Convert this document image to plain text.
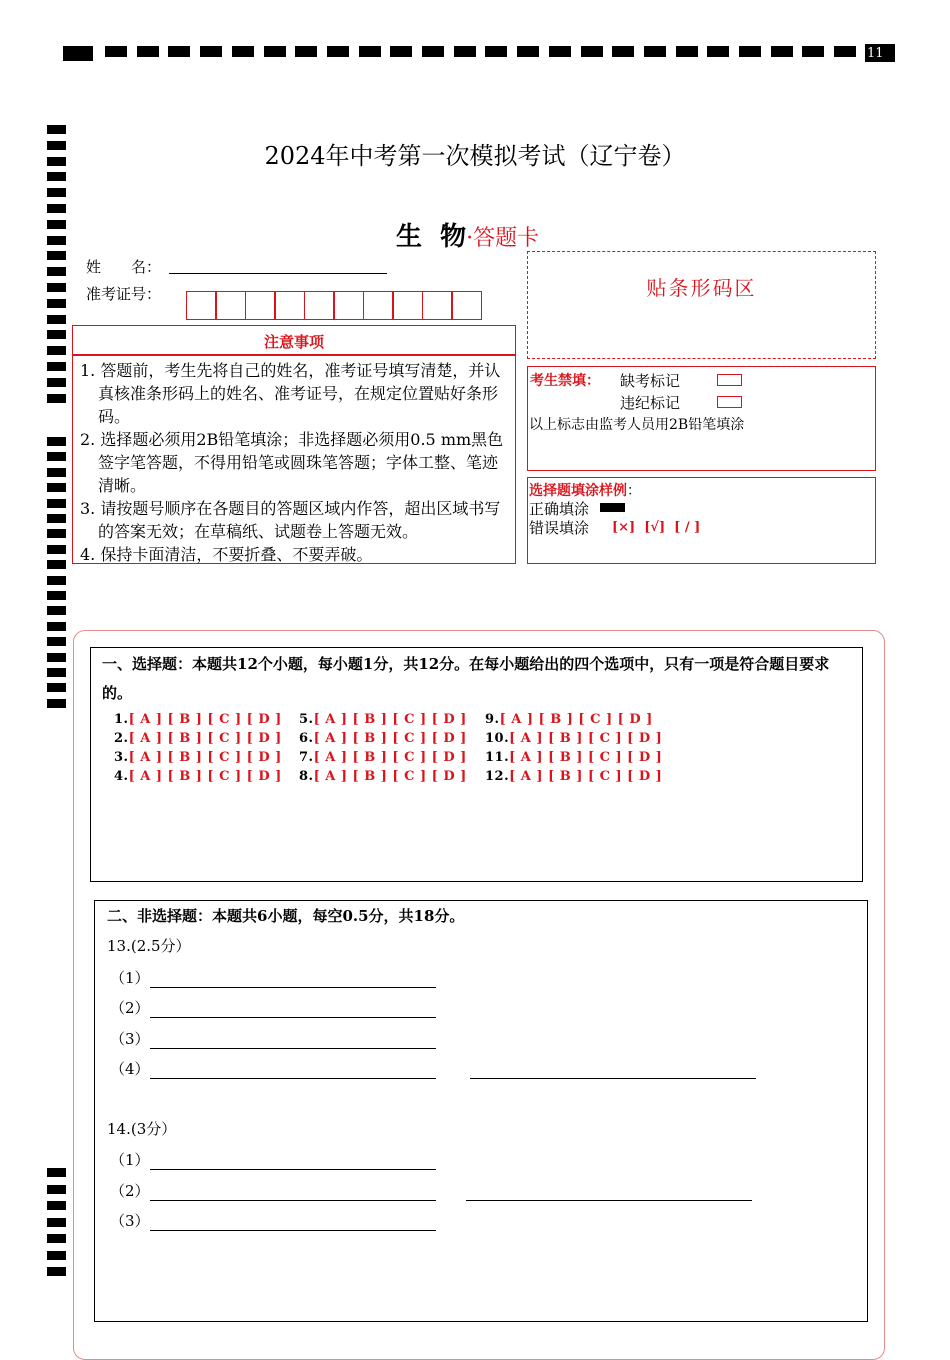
11
2024年中考第一次模拟考试（辽宁卷）
生  物·答题卡
姓　　名：
准考证号：
注意事项
1. 答题前，考生先将自己的姓名，准考证号填写清楚，并认真核准条形码上的姓名、准考证号，在规定位置贴好条形码。
2. 选择题必须用2B铅笔填涂；非选择题必须用0.5 mm黑色签字笔答题，不得用铅笔或圆珠笔答题；字体工整、笔迹清晰。
3. 请按题号顺序在各题目的答题区域内作答，超出区域书写的答案无效；在草稿纸、试题卷上答题无效。
4. 保持卡面清洁，不要折叠、不要弄破。
贴条形码区
考生禁填： 缺考标记
违纪标记
以上标志由监考人员用2B铅笔填涂
选择题填涂样例：
正确填涂
错误填涂 [×]  [√]  [ / ]
一、选择题：本题共12个小题，每小题1分，共12分。在每小题给出的四个选项中，只有一项是符合题目要求的。
1.[ A ] [ B ] [ C ] [ D ]
2.[ A ] [ B ] [ C ] [ D ]
3.[ A ] [ B ] [ C ] [ D ]
4.[ A ] [ B ] [ C ] [ D ]
5.[ A ] [ B ] [ C ] [ D ]
6.[ A ] [ B ] [ C ] [ D ]
7.[ A ] [ B ] [ C ] [ D ]
8.[ A ] [ B ] [ C ] [ D ]
9.[ A ] [ B ] [ C ] [ D ]
10.[ A ] [ B ] [ C ] [ D ]
11.[ A ] [ B ] [ C ] [ D ]
12.[ A ] [ B ] [ C ] [ D ]
二、非选择题：本题共6小题，每空0.5分，共18分。
13.(2.5分）
（1）
（2）
（3）
（4）
14.(3分）
（1）
（2）
（3）
